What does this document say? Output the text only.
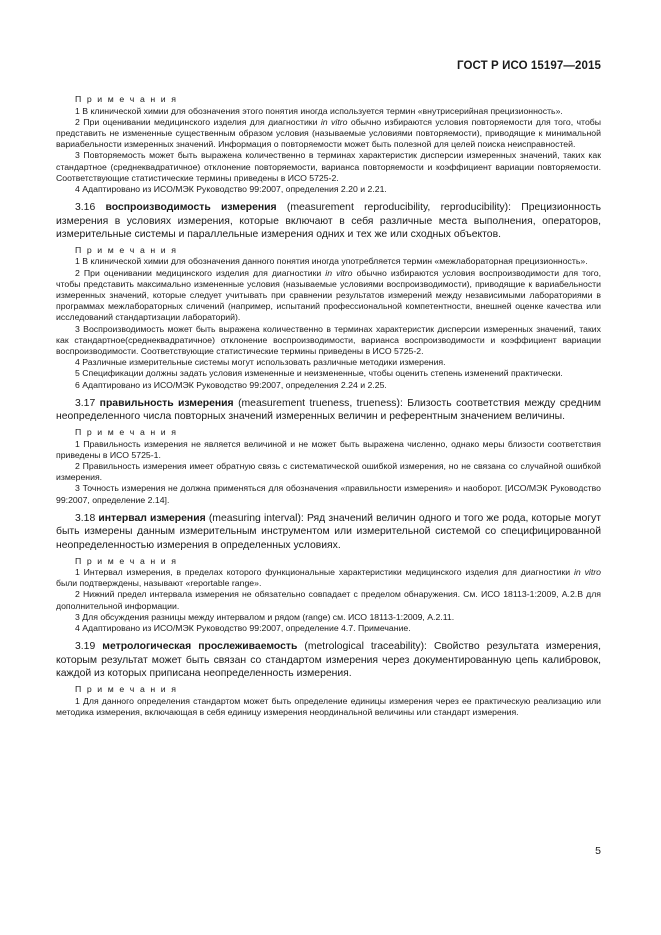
ГОСТ Р ИСО 15197—2015

П р и м е ч а н и я

1 В клинической химии для обозначения этого понятия иногда используется термин «внутрисерийная прецизионность».

2 При оценивании медицинского изделия для диагностики in vitro обычно избираются условия повторяемости для того, чтобы представить не измененные существенным образом условия (называемые условиями повторяемости), приводящие к минимальной вариабельности измеренных значений. Информация о повторяемости может быть полезной для целей поиска неисправностей.

3 Повторяемость может быть выражена количественно в терминах характеристик дисперсии измеренных значений, таких как стандартное (среднеквадратичное) отклонение повторяемости, варианса повторяемости и коэффициент вариации повторяемости. Соответствующие статистические термины приведены в ИСО 5725-2.

4 Адаптировано из ИСО/МЭК Руководство 99:2007, определения 2.20 и 2.21.

3.16 воспроизводимость измерения (measurement reproducibility, reproducibility): Прецизионность измерения в условиях измерения, которые включают в себя различные места выполнения, операторов, измерительные системы и параллельные измерения одних и тех же или сходных объектов.

П р и м е ч а н и я

1 В клинической химии для обозначения данного понятия иногда употребляется термин «межлабораторная прецизионность».

2 При оценивании медицинского изделия для диагностики in vitro обычно избираются условия воспроизводимости для того, чтобы представить максимально измененные условия (называемые условиями воспроизводимости), приводящие к вариабельности измеренных значений, которые следует учитывать при сравнении результатов измерений между независимыми лабораториями в программах межлабораторных сличений (например, испытаний профессиональной компетентности, внешней оценке качества или исследований стандартизации лабораторий).

3 Воспроизводимость может быть выражена количественно в терминах характеристик дисперсии измеренных значений, таких как стандартное(среднеквадратичное) отклонение воспроизводимости, варианса воспроизводимости и коэффициент вариации воспроизводимости. Соответствующие статистические термины приведены в ИСО 5725-2.

4 Различные измерительные системы могут использовать различные методики измерения.

5 Спецификации должны задать условия измененные и неизмененные, чтобы оценить степень изменений практически.

6 Адаптировано из ИСО/МЭК Руководство 99:2007, определения 2.24 и 2.25.

3.17 правильность измерения (measurement trueness, trueness): Близость соответствия между средним неопределенного числа повторных значений измеренных величин и референтным значением величины.

П р и м е ч а н и я

1 Правильность измерения не является величиной и не может быть выражена численно, однако меры близости соответствия приведены в ИСО 5725-1.

2 Правильность измерения имеет обратную связь с систематической ошибкой измерения, но не связана со случайной ошибкой измерения.

3 Точность измерения не должна применяться для обозначения «правильности измерения» и наоборот. [ИСО/МЭК Руководство 99:2007, определение 2.14].

3.18 интервал измерения (measuring interval): Ряд значений величин одного и того же рода, которые могут быть измерены данным измерительным инструментом или измерительной системой со специфицированной неопределенностью измерения в определенных условиях.

П р и м е ч а н и я

1 Интервал измерения, в пределах которого функциональные характеристики медицинского изделия для диагностики in vitro были подтверждены, называют «reportable range».

2 Нижний предел интервала измерения не обязательно совпадает с пределом обнаружения. См. ИСО 18113-1:2009, А.2.В для дополнительной информации.

3 Для обсуждения разницы между интервалом и рядом (range) см. ИСО 18113-1:2009, А.2.11.

4 Адаптировано из ИСО/МЭК Руководство 99:2007, определение 4.7. Примечание.

3.19 метрологическая прослеживаемость (metrological traceability): Свойство результата измерения, которым результат может быть связан со стандартом измерения через документированную цепь калибровок, каждой из которых приписана неопределенность измерения.

П р и м е ч а н и я

1 Для данного определения стандартом может быть определение единицы измерения через ее практическую реализацию или методика измерения, включающая в себя единицу измерения неординальной величины или стандарт измерения.

5
